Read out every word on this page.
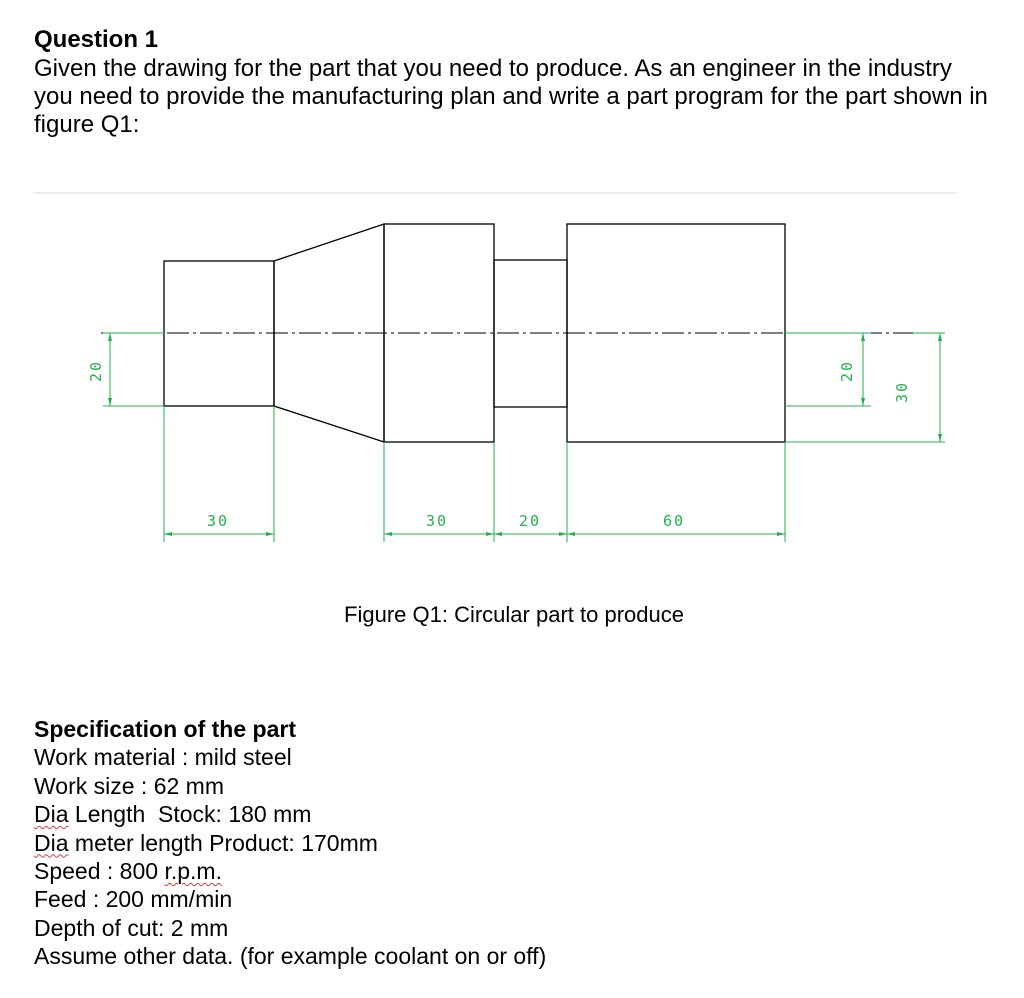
Question 1

Given the drawing for the part that you need to produce. As an engineer in the industry you need to provide the manufacturing plan and write a part program for the part shown in figure Q1:

20
30	30	20	60
20
30
Figure Q1: Circular part to produce
Specification of the part
Work material : mild steel
Work size : 62 mm
Dia Length  Stock: 180 mm
Dia meter length Product: 170mm
Speed : 800 r.p.m.
Feed : 200 mm/min
Depth of cut: 2 mm
Assume other data. (for example coolant on or off)
